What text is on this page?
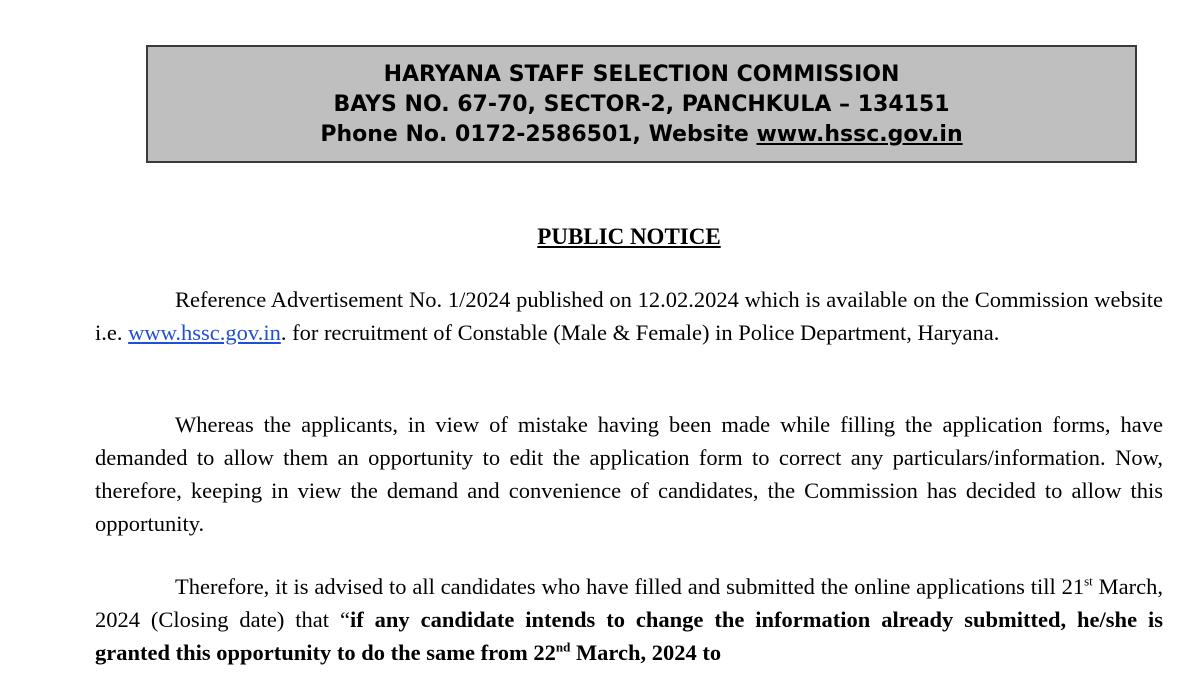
HARYANA STAFF SELECTION COMMISSION
BAYS NO. 67-70, SECTOR-2, PANCHKULA – 134151
Phone No. 0172-2586501, Website www.hssc.gov.in
PUBLIC NOTICE

Reference Advertisement No. 1/2024 published on 12.02.2024 which is available on the Commission website i.e. www.hssc.gov.in. for recruitment of Constable (Male & Female) in Police Department, Haryana.

Whereas the applicants, in view of mistake having been made while filling the application forms, have demanded to allow them an opportunity to edit the application form to correct any particulars/information. Now, therefore, keeping in view the demand and convenience of candidates, the Commission has decided to allow this opportunity.

Therefore, it is advised to all candidates who have filled and submitted the online applications till 21st March, 2024 (Closing date) that “if any candidate intends to change the information already submitted, he/she is granted this opportunity to do the same from 22nd March, 2024 to
